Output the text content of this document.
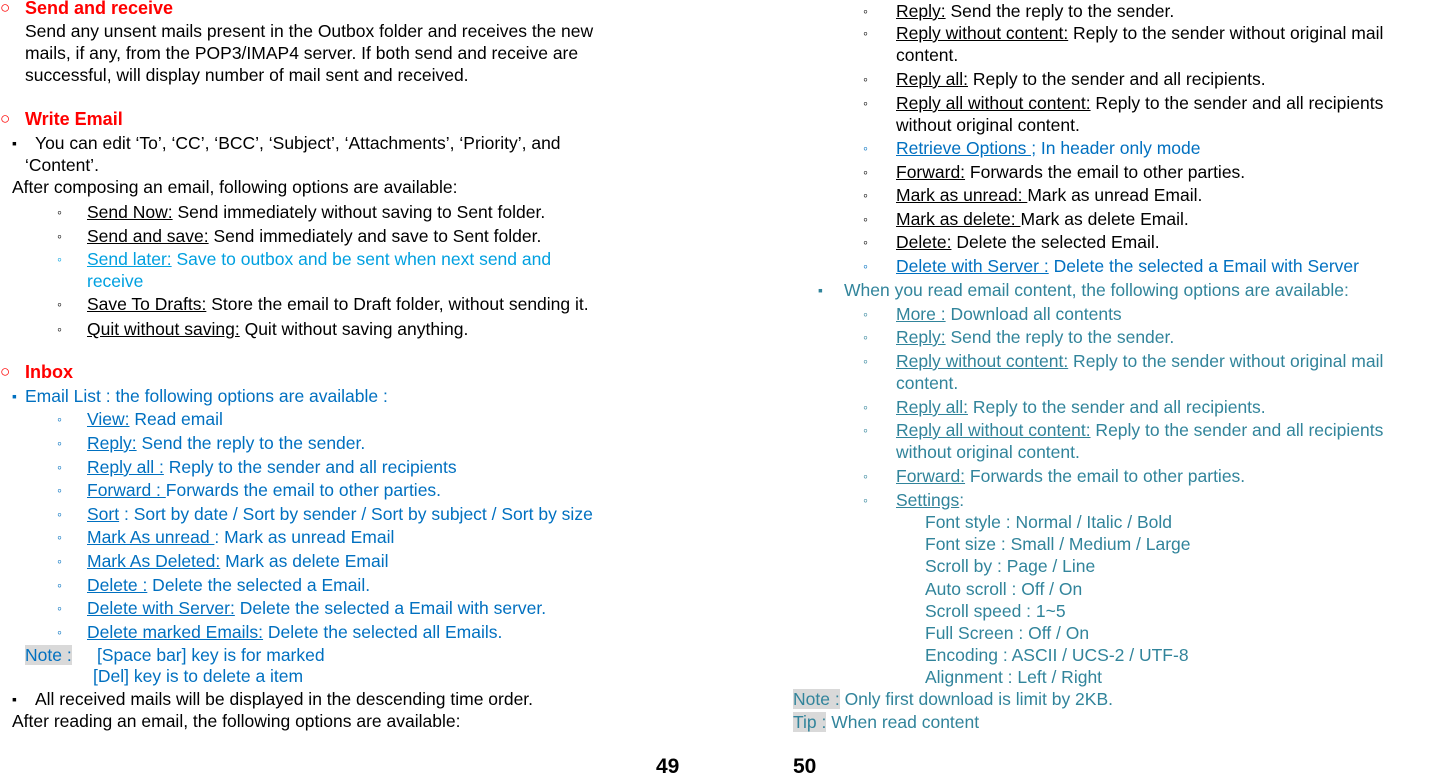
○ Send and receive
Send any unsent mails present in the Outbox folder and receives the new
mails, if any, from the POP3/IMAP4 server. If both send and receive are
successful, will display number of mail sent and received.
○ Write Email
▪ You can edit ‘To’, ‘CC’, ‘BCC’, ‘Subject’, ‘Attachments’, ‘Priority’, and
‘Content’.
After composing an email, following options are available:
◦ Send Now: Send immediately without saving to Sent folder.
◦ Send and save: Send immediately and save to Sent folder.
◦ Send later: Save to outbox and be sent when next send and
receive
◦ Save To Drafts: Store the email to Draft folder, without sending it.
◦ Quit without saving: Quit without saving anything.
○ Inbox
▪ Email List : the following options are available :
◦ View: Read email
◦ Reply: Send the reply to the sender.
◦ Reply all : Reply to the sender and all recipients
◦ Forward : Forwards the email to other parties.
◦ Sort : Sort by date / Sort by sender / Sort by subject / Sort by size
◦ Mark As unread : Mark as unread Email
◦ Mark As Deleted: Mark as delete Email
◦ Delete : Delete the selected a Email.
◦ Delete with Server: Delete the selected a Email with server.
◦ Delete marked Emails: Delete the selected all Emails.
Note : [Space bar] key is for marked
[Del] key is to delete a item
▪ All received mails will be displayed in the descending time order.
After reading an email, the following options are available:
49
◦ Reply: Send the reply to the sender.
◦ Reply without content: Reply to the sender without original mail
content.
◦ Reply all: Reply to the sender and all recipients.
◦ Reply all without content: Reply to the sender and all recipients
without original content.
◦ Retrieve Options ; In header only mode
◦ Forward: Forwards the email to other parties.
◦ Mark as unread: Mark as unread Email.
◦ Mark as delete: Mark as delete Email.
◦ Delete: Delete the selected Email.
◦ Delete with Server : Delete the selected a Email with Server
▪ When you read email content, the following options are available:
◦ More : Download all contents
◦ Reply: Send the reply to the sender.
◦ Reply without content: Reply to the sender without original mail
content.
◦ Reply all: Reply to the sender and all recipients.
◦ Reply all without content: Reply to the sender and all recipients
without original content.
◦ Forward: Forwards the email to other parties.
◦ Settings:
Font style : Normal / Italic / Bold
Font size : Small / Medium / Large
Scroll by : Page / Line
Auto scroll : Off / On
Scroll speed : 1~5
Full Screen : Off / On
Encoding : ASCII / UCS-2 / UTF-8
Alignment : Left / Right
Note : Only first download is limit by 2KB.
Tip : When read content
50
